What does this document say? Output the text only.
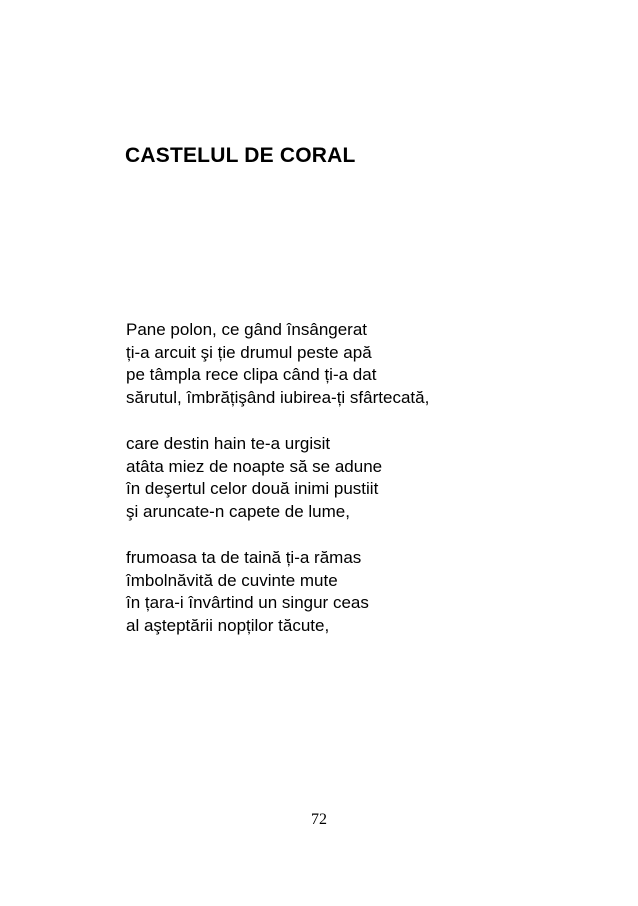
CASTELUL DE CORAL
Pane polon, ce gând însângerat
ți-a arcuit şi ție drumul peste apă
pe tâmpla rece clipa când ți-a dat
sărutul, îmbrățişând iubirea-ți sfârtecată,
care destin hain te-a urgisit
atâta miez de noapte să se adune
în deşertul celor două inimi pustiit
şi aruncate-n capete de lume,
frumoasa ta de taină ți-a rămas
îmbolnăvită de cuvinte mute
în țara-i învârtind un singur ceas
al aşteptării nopților tăcute,
72
